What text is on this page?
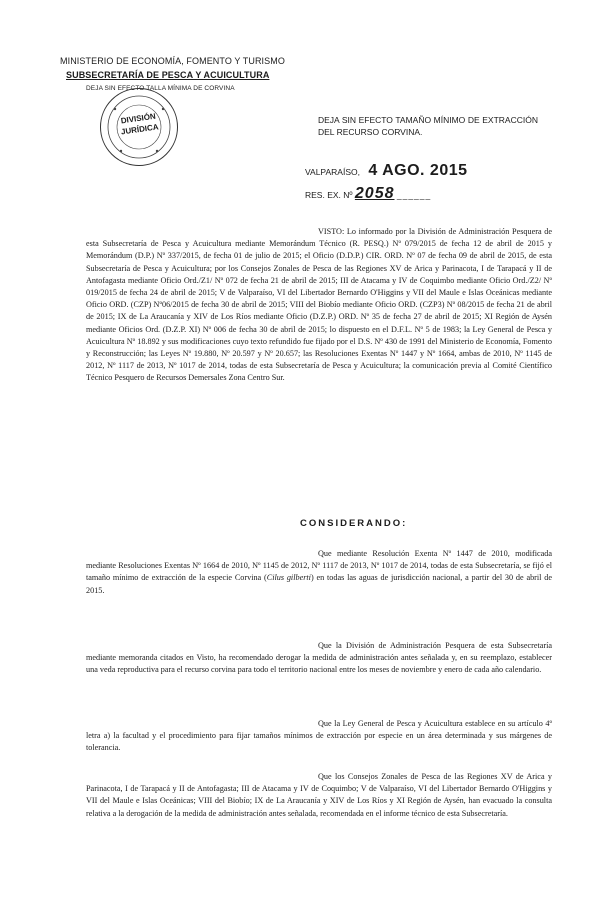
MINISTERIO DE ECONOMÍA, FOMENTO Y TURISMO
SUBSECRETARÍA DE PESCA Y ACUICULTURA
DEJA SIN EFECTO TALLA MÍNIMA DE CORVINA
DIVISIÓN
JURÍDICA
DEJA SIN EFECTO TAMAÑO MÍNIMO DE EXTRACCIÓN DEL RECURSO CORVINA.
VALPARAÍSO, 4 AGO. 2015
RES. EX. Nº 2058 ______
VISTO: Lo informado por la División de Administración Pesquera de esta Subsecretaría de Pesca y Acuicultura mediante Memorándum Técnico (R. PESQ.) Nº 079/2015 de fecha 12 de abril de 2015 y Memorándum (D.P.) Nº 337/2015, de fecha 01 de julio de 2015; el Oficio (D.D.P.) CIR. ORD. Nº 07 de fecha 09 de abril de 2015, de esta Subsecretaría de Pesca y Acuicultura; por los Consejos Zonales de Pesca de las Regiones XV de Arica y Parinacota, I de Tarapacá y II de Antofagasta mediante Oficio Ord./Z1/ Nº 072 de fecha 21 de abril de 2015; III de Atacama y IV de Coquimbo mediante Oficio Ord./Z2/ Nº 019/2015 de fecha 24 de abril de 2015; V de Valparaíso, VI del Libertador Bernardo O'Higgins y VII del Maule e Islas Oceánicas mediante Oficio ORD. (CZP) Nº06/2015 de fecha 30 de abril de 2015; VIII del Biobío mediante Oficio ORD. (CZP3) Nº 08/2015 de fecha 21 de abril de 2015; IX de La Araucanía y XIV de Los Ríos mediante Oficio (D.Z.P.) ORD. Nº 35 de fecha 27 de abril de 2015; XI Región de Aysén mediante Oficios Ord. (D.Z.P. XI) Nº 006 de fecha 30 de abril de 2015; lo dispuesto en el D.F.L. Nº 5 de 1983; la Ley General de Pesca y Acuicultura Nº 18.892 y sus modificaciones cuyo texto refundido fue fijado por el D.S. Nº 430 de 1991 del Ministerio de Economía, Fomento y Reconstrucción; las Leyes Nº 19.880, Nº 20.597 y Nº 20.657; las Resoluciones Exentas Nº 1447 y Nº 1664, ambas de 2010, Nº 1145 de 2012, Nº 1117 de 2013, Nº 1017 de 2014, todas de esta Subsecretaría de Pesca y Acuicultura; la comunicación previa al Comité Científico Técnico Pesquero de Recursos Demersales Zona Centro Sur.
CONSIDERANDO:
Que mediante Resolución Exenta Nº 1447 de 2010, modificada mediante Resoluciones Exentas Nº 1664 de 2010, Nº 1145 de 2012, Nº 1117 de 2013, Nº 1017 de 2014, todas de esta Subsecretaría, se fijó el tamaño mínimo de extracción de la especie Corvina (Cilus gilberti) en todas las aguas de jurisdicción nacional, a partir del 30 de abril de 2015.
Que la División de Administración Pesquera de esta Subsecretaría mediante memoranda citados en Visto, ha recomendado derogar la medida de administración antes señalada y, en su reemplazo, establecer una veda reproductiva para el recurso corvina para todo el territorio nacional entre los meses de noviembre y enero de cada año calendario.
Que la Ley General de Pesca y Acuicultura establece en su artículo 4º letra a) la facultad y el procedimiento para fijar tamaños mínimos de extracción por especie en un área determinada y sus márgenes de tolerancia.
Que los Consejos Zonales de Pesca de las Regiones XV de Arica y Parinacota, I de Tarapacá y II de Antofagasta; III de Atacama y IV de Coquimbo; V de Valparaíso, VI del Libertador Bernardo O'Higgins y VII del Maule e Islas Oceánicas; VIII del Biobío; IX de La Araucanía y XIV de Los Ríos y XI Región de Aysén, han evacuado la consulta relativa a la derogación de la medida de administración antes señalada, recomendada en el informe técnico de esta Subsecretaría.
